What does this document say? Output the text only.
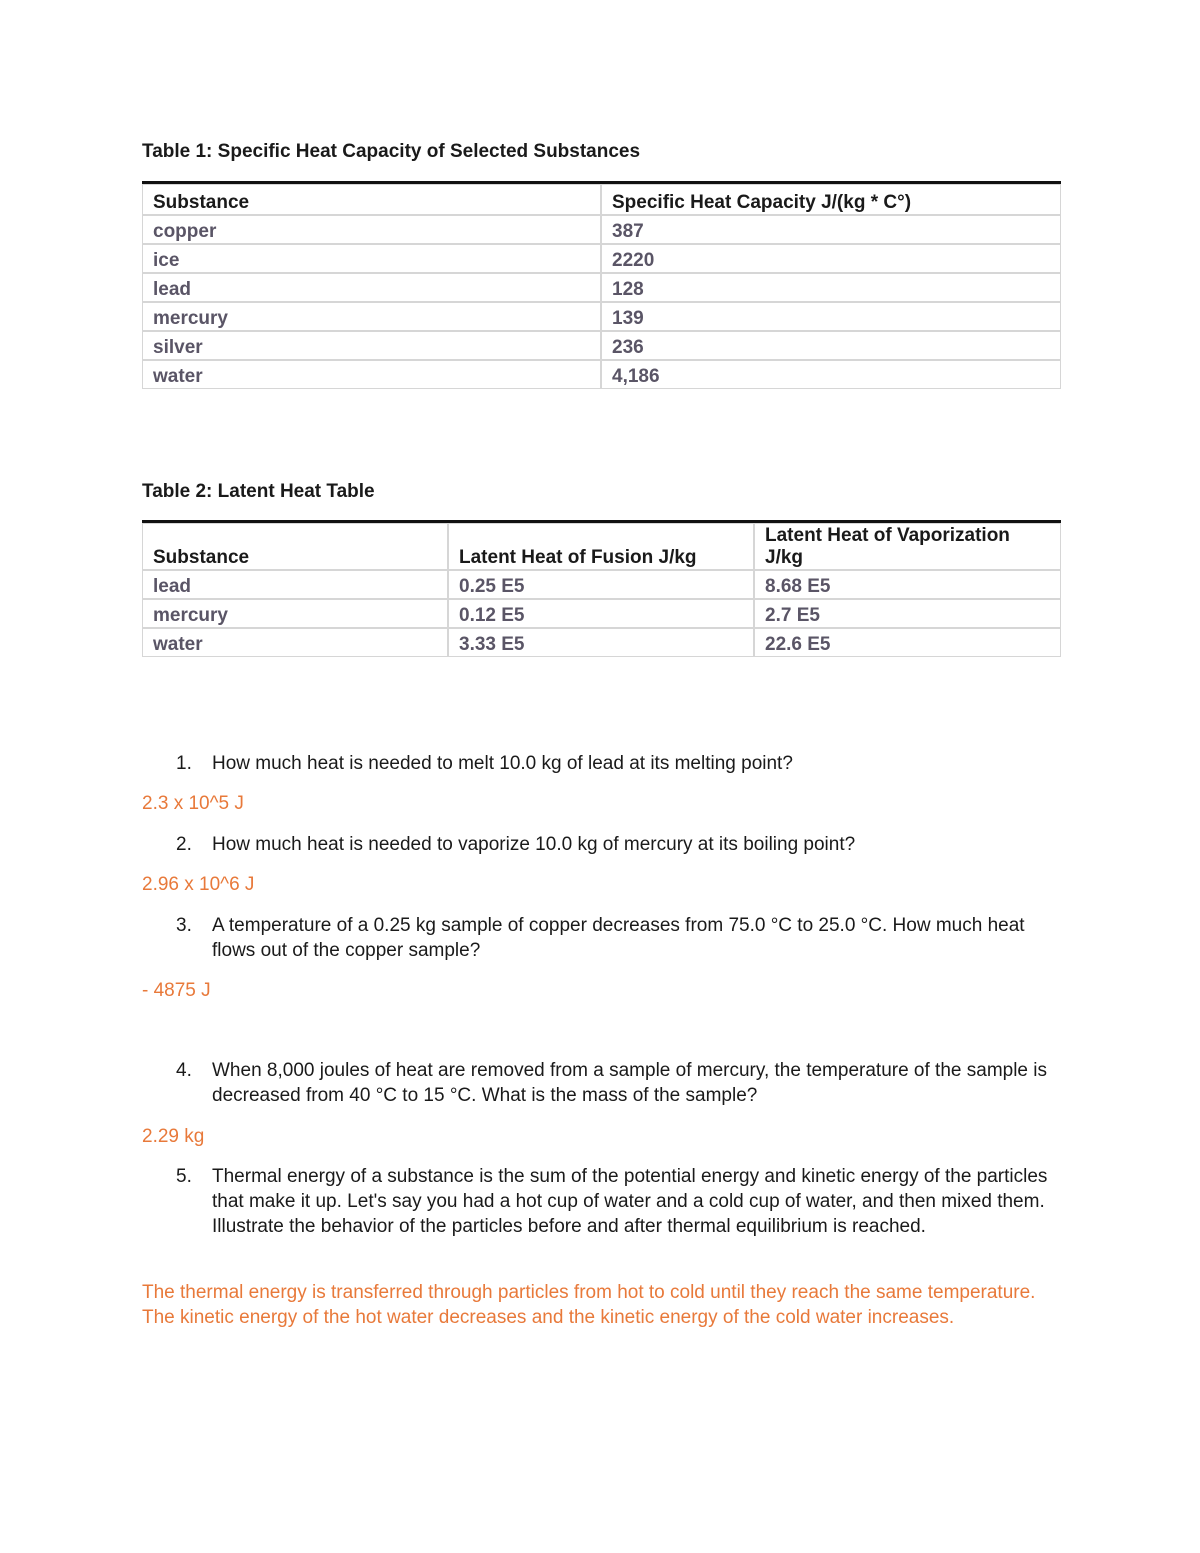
Table 1: Specific Heat Capacity of Selected Substances

Substance	Specific Heat Capacity J/(kg * C°)
copper	387
ice	2220
lead	128
mercury	139
silver	236
water	4,186

Table 2: Latent Heat Table

Substance	Latent Heat of Fusion J/kg	Latent Heat of Vaporization J/kg
lead	0.25 E5	8.68 E5
mercury	0.12 E5	2.7 E5
water	3.33 E5	22.6 E5
1. How much heat is needed to melt 10.0 kg of lead at its melting point?
2.3 x 10^5 J
2. How much heat is needed to vaporize 10.0 kg of mercury at its boiling point?
2.96 x 10^6 J
3. A temperature of a 0.25 kg sample of copper decreases from 75.0 °C to 25.0 °C. How much heat flows out of the copper sample?
- 4875 J
4. When 8,000 joules of heat are removed from a sample of mercury, the temperature of the sample is decreased from 40 °C to 15 °C. What is the mass of the sample?
2.29 kg
5. Thermal energy of a substance is the sum of the potential energy and kinetic energy of the particles that make it up. Let's say you had a hot cup of water and a cold cup of water, and then mixed them. Illustrate the behavior of the particles before and after thermal equilibrium is reached.
The thermal energy is transferred through particles from hot to cold until they reach the same temperature. The kinetic energy of the hot water decreases and the kinetic energy of the cold water increases.
